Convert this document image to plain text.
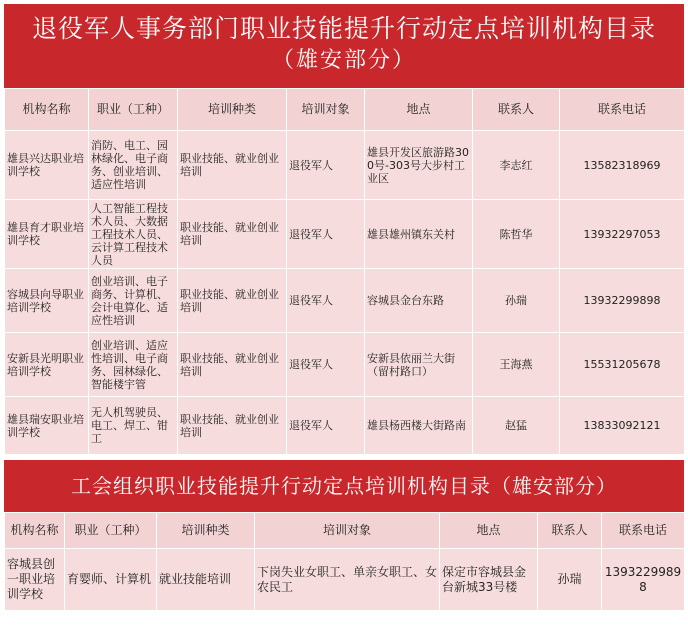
退役军人事务部门职业技能提升行动定点培训机构目录
（雄安部分）
机构名称	职业（工种）	培训种类	培训对象	地点	联系人	联系电话
雄县兴达职业培训学校	消防、电工、园林绿化、电子商务、创业培训、适应性培训	职业技能、就业创业培训	退役军人	雄县开发区旅游路300号-303号大步村工业区	李志红	13582318969
雄县育才职业培训学校	人工智能工程技术人员、大数据工程技术人员、云计算工程技术人员	职业技能、就业创业培训	退役军人	雄县雄州镇东关村	陈哲华	13932297053
容城县向导职业培训学校	创业培训、电子商务、计算机、会计电算化、适应性培训	职业技能、就业创业培训	退役军人	容城县金台东路	孙瑞	13932299898
安新县光明职业培训学校	创业培训、适应性培训、电子商务、园林绿化、智能楼宇管	职业技能、就业创业培训	退役军人	安新县依丽兰大街（留村路口）	王海燕	15531205678
雄县瑞安职业培训学校	无人机驾驶员、电工、焊工、钳工	职业技能、就业创业培训	退役军人	雄县杨西楼大街路南	赵猛	13833092121
工会组织职业技能提升行动定点培训机构目录（雄安部分）
机构名称	职业（工种）	培训种类	培训对象	地点	联系人	联系电话
容城县创一职业培训学校	育婴师、计算机	就业技能培训	下岗失业女职工、单亲女职工、女农民工	保定市容城县金台新城33号楼	孙瑞	13932299898
